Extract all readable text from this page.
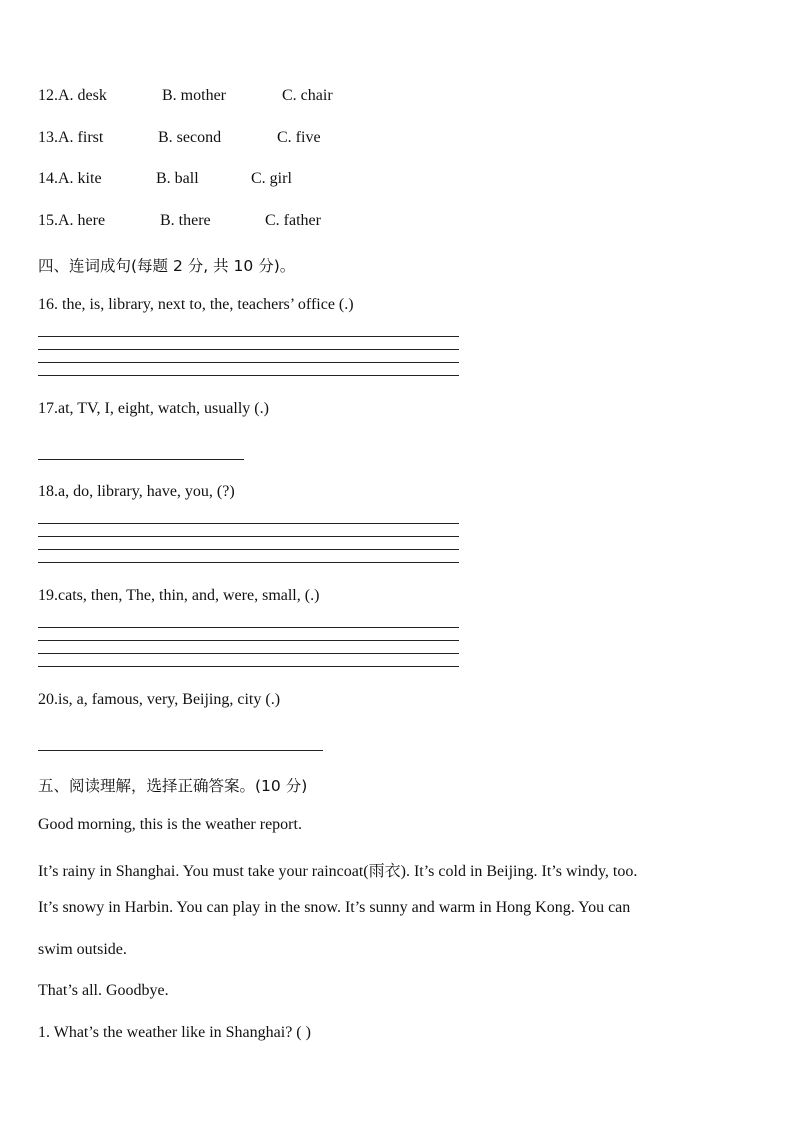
12.A. desk	B. mother	C. chair
13.A. first	B. second	C. five
14.A. kite	B. ball	C. girl
15.A. here	B. there	C. father
四、连词成句(每题 2 分, 共 10 分)。
16. the, is, library, next to, the, teachers’ office (.)
17.at, TV, I, eight, watch, usually (.)
18.a, do, library, have, you, (?)
19.cats, then, The, thin, and, were, small, (.)
20.is, a, famous, very, Beijing, city (.)
五、阅读理解，选择正确答案。(10 分)
Good morning, this is the weather report.
It’s rainy in Shanghai. You must take your raincoat(雨衣). It’s cold in Beijing. It’s windy, too.
It’s snowy in Harbin. You can play in the snow. It’s sunny and warm in Hong Kong. You can
swim outside.
That’s all. Goodbye.
1. What’s the weather like in Shanghai? ( )
